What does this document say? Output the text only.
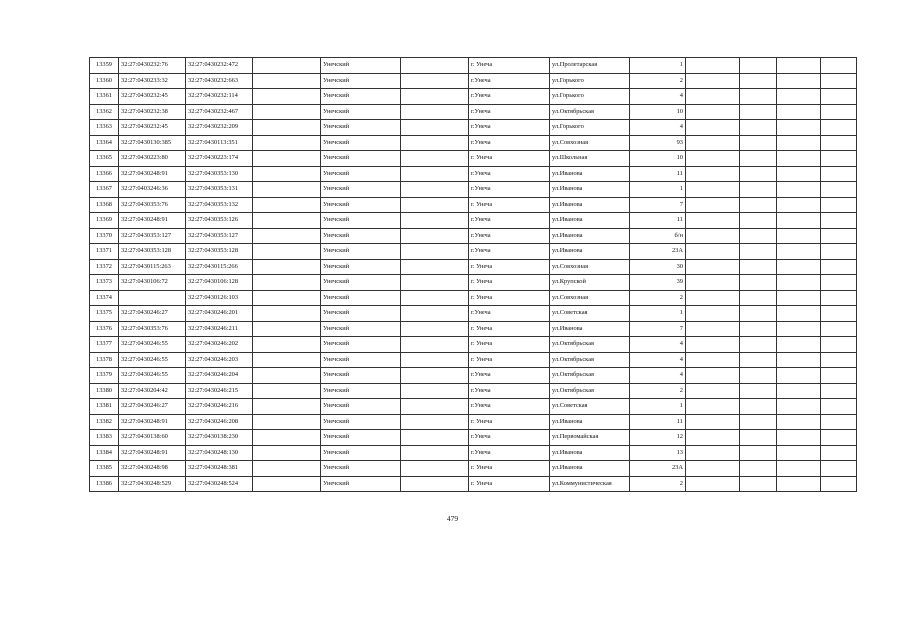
13359	32:27:0430232:76	32:27:0430232:472		Унечский		г. Унеча	ул.Пролетарская	1				
13360	32:27:0430233:32	32:27:0430232:663		Унечский		г.Унеча	ул.Горького	2				
13361	32:27:0430232:45	32:27:0430232:114		Унечский		г.Унеча	ул.Горького	4				
13362	32:27:0430232:38	32:27:0430232:467		Унечский		г.Унеча	ул.Октябрьская	10				
13363	32:27:0430232:45	32:27:0430232:209		Унечский		г.Унеча	ул.Горького	4				
13364	32:27:0430130:385	32:27:0430113:351		Унечский		г.Унеча	ул.Совхозная	93				
13365	32:27:0430223:80	32:27:0430223:174		Унечский		г. Унеча	ул.Школьная	10				
13366	32:27:0430248:91	32:27:0430353:130		Унечский		г.Унеча	ул.Иванова	11				
13367	32:27:0403246:36	32:27:0430353:131		Унечский		г.Унеча	ул.Иванова	1				
13368	32:27:0430353:76	32:27:0430353:132		Унечский		г. Унеча	ул.Иванова	7				
13369	32:27:0430248:91	32:27:0430353:126		Унечский		г.Унеча	ул.Иванова	11				
13370	32:27:0430353:127	32:27:0430353:127		Унечский		г.Унеча	ул.Иванова	б/н				
13371	32:27:0430353:128	32:27:0430353:128		Унечский		г.Унеча	ул.Иванова	23А				
13372	32:27:0430115:263	32:27:0430115:266		Унечский		г. Унеча	ул.Совхозная	30				
13373	32:27:0430106:72	32:27:0430106:128		Унечский		г. Унеча	ул.Крупской	39				
13374		32:27:0430126:103		Унечский		г. Унеча	ул.Совхозная	2				
13375	32:27:0430246:27	32:27:0430246:201		Унечский		г.Унеча	ул.Советская	1				
13376	32:27:0430353:76	32:27:0430246:211		Унечский		г. Унеча	ул.Иванова	7				
13377	32:27:0430246:55	32:27:0430246:202		Унечский		г. Унеча	ул.Октябрьская	4				
13378	32:27:0430246:55	32:27:0430246:203		Унечский		г. Унеча	ул.Октябрьская	4				
13379	32:27:0430246:55	32:27:0430246:204		Унечский		г.Унеча	ул.Октябрьская	4				
13380	32:27:0430204:42	32:27:0430246:215		Унечский		г.Унеча	ул.Октябрьская	2				
13381	32:27:0430246:27	32:27:0430246:216		Унечский		г.Унеча	ул.Советская	1				
13382	32:27:0430248:91	32:27:0430246:208		Унечский		г. Унеча	ул.Иванова	11				
13383	32:27:0430138:60	32:27:0430138:230		Унечский		г.Унеча	ул.Первомайская	12				
13384	32:27:0430248:91	32:27:0430248:130		Унечский		г.Унеча	ул.Иванова	13				
13385	32:27:0430248:98	32:27:0430248:381		Унечский		г. Унеча	ул.Иванова	23А				
13386	32:27:0430248:529	32:27:0430248:524		Унечский		г. Унеча	ул.Коммунистическая	2				
479
